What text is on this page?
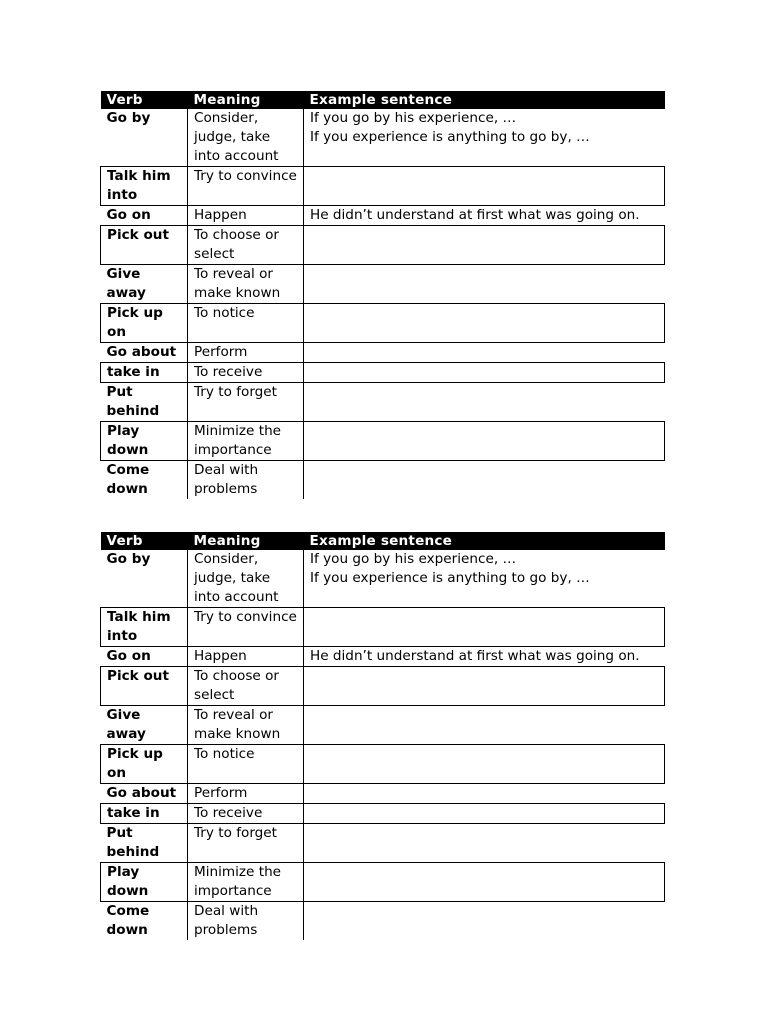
Verb	Meaning	Example sentence
Go by	Consider, judge, take into account	If you go by his experience, …
If you experience is anything to go by, …

Talk him into	Try to convince	
Go on	Happen	He didn’t understand at first what was going on.

Pick out	To choose or select	
Give away	To reveal or make known	
Pick up on	To notice	
Go about	Perform	
take in	To receive	
Put behind	Try to forget	
Play down	Minimize the importance	
Come down	Deal with problems	
Verb	Meaning	Example sentence
Go by	Consider, judge, take into account	If you go by his experience, …
If you experience is anything to go by, …

Talk him into	Try to convince	
Go on	Happen	He didn’t understand at first what was going on.

Pick out	To choose or select	
Give away	To reveal or make known	
Pick up on	To notice	
Go about	Perform	
take in	To receive	
Put behind	Try to forget	
Play down	Minimize the importance	
Come down	Deal with problems	
